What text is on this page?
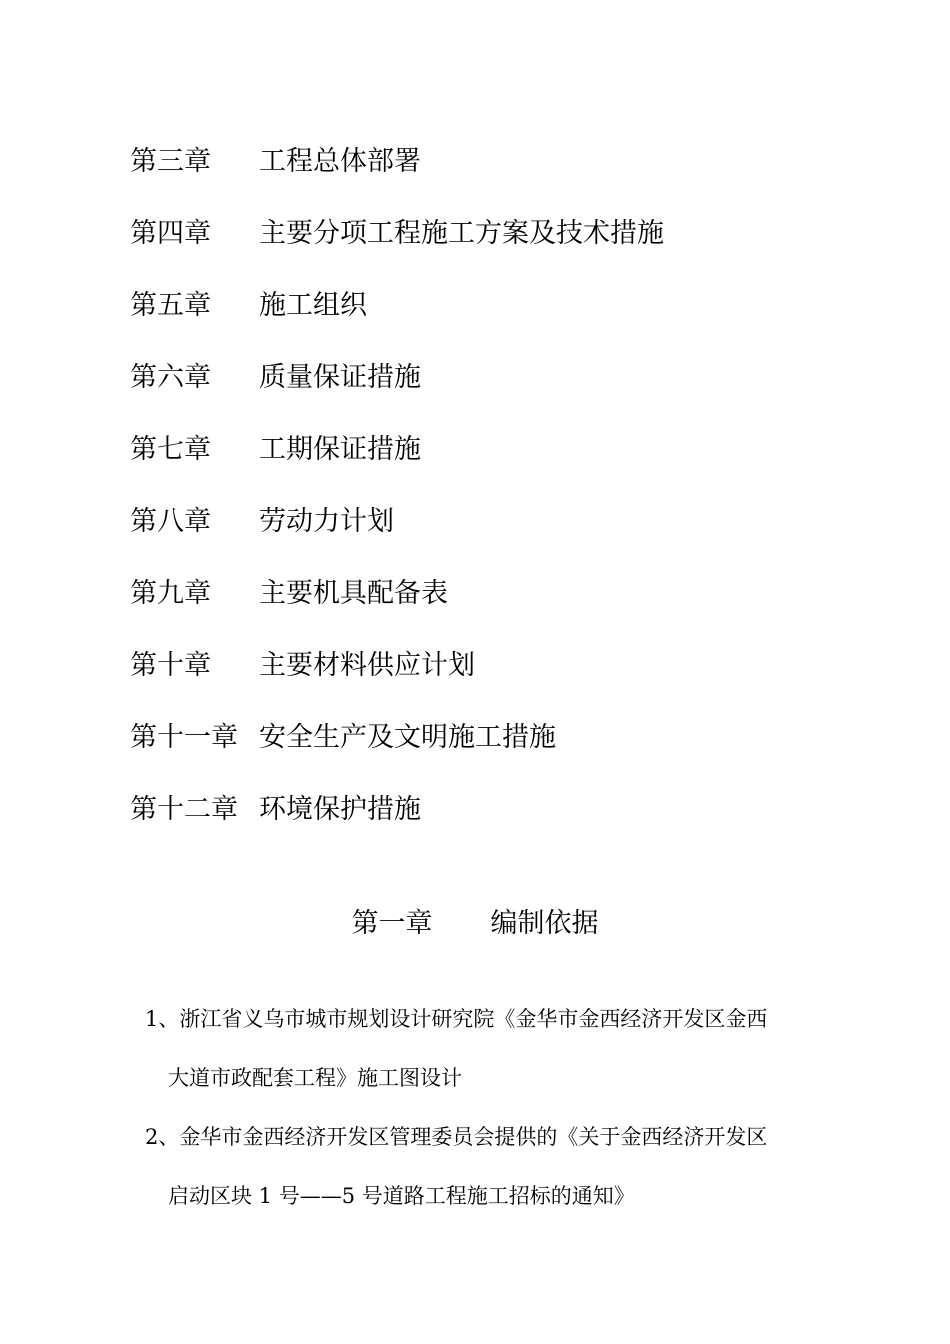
第三章	工程总体部署
第四章	主要分项工程施工方案及技术措施
第五章	施工组织
第六章	质量保证措施
第七章	工期保证措施
第八章	劳动力计划
第九章	主要机具配备表
第十章	主要材料供应计划
第十一章 安全生产及文明施工措施
第十二章 环境保护措施
第一章 编制依据
1、浙江省义乌市城市规划设计研究院《金华市金西经济开发区金西
大道市政配套工程》施工图设计
2、金华市金西经济开发区管理委员会提供的《关于金西经济开发区
启动区块 1 号——5 号道路工程施工招标的通知》
